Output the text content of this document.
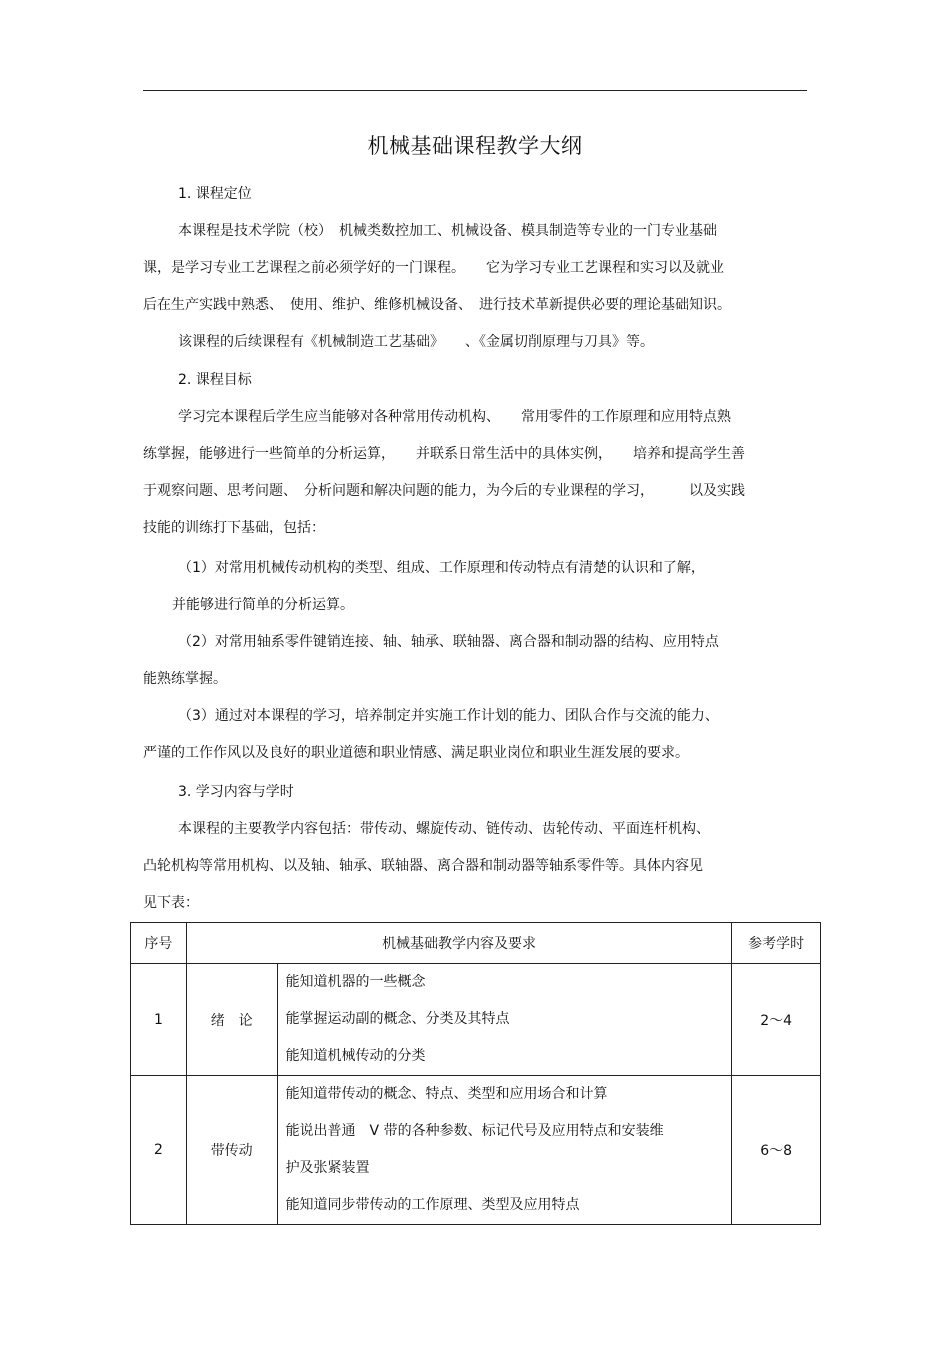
机械基础课程教学大纲
1. 课程定位
本课程是技术学院（校）　机械类数控加工、机械设备、模具制造等专业的一门专业基础
课，是学习专业工艺课程之前必须学好的一门课程。　　它为学习专业工艺课程和实习以及就业
后在生产实践中熟悉、　使用、维护、维修机械设备、　进行技术革新提供必要的理论基础知识。
该课程的后续课程有《机械制造工艺基础》　　、《金属切削原理与刀具》等。
2. 课程目标
学习完本课程后学生应当能够对各种常用传动机构、　　常用零件的工作原理和应用特点熟
练掌握，能够进行一些简单的分析运算，　　并联系日常生活中的具体实例，　　培养和提高学生善
于观察问题、思考问题、　分析问题和解决问题的能力，为今后的专业课程的学习，　　　以及实践
技能的训练打下基础，包括：
（1）对常用机械传动机构的类型、组成、工作原理和传动特点有清楚的认识和了解，
并能够进行简单的分析运算。
（2）对常用轴系零件键销连接、轴、轴承、联轴器、离合器和制动器的结构、应用特点
能熟练掌握。
（3）通过对本课程的学习，培养制定并实施工作计划的能力、团队合作与交流的能力、
严谨的工作作风以及良好的职业道德和职业情感、满足职业岗位和职业生涯发展的要求。
3. 学习内容与学时
本课程的主要教学内容包括：带传动、螺旋传动、链传动、齿轮传动、平面连杆机构、
凸轮机构等常用机构、以及轴、轴承、联轴器、离合器和制动器等轴系零件等。具体内容见
见下表：
序号	机械基础教学内容及要求		参考学时
1	绪　论	能知道机器的一些概念
能掌握运动副的概念、分类及其特点
能知道机械传动的分类	2～4
2	带传动	能知道带传动的概念、特点、类型和应用场合和计算
能说出普通　V 带的各种参数、标记代号及应用特点和安装维
护及张紧装置
能知道同步带传动的工作原理、类型及应用特点	6～8
